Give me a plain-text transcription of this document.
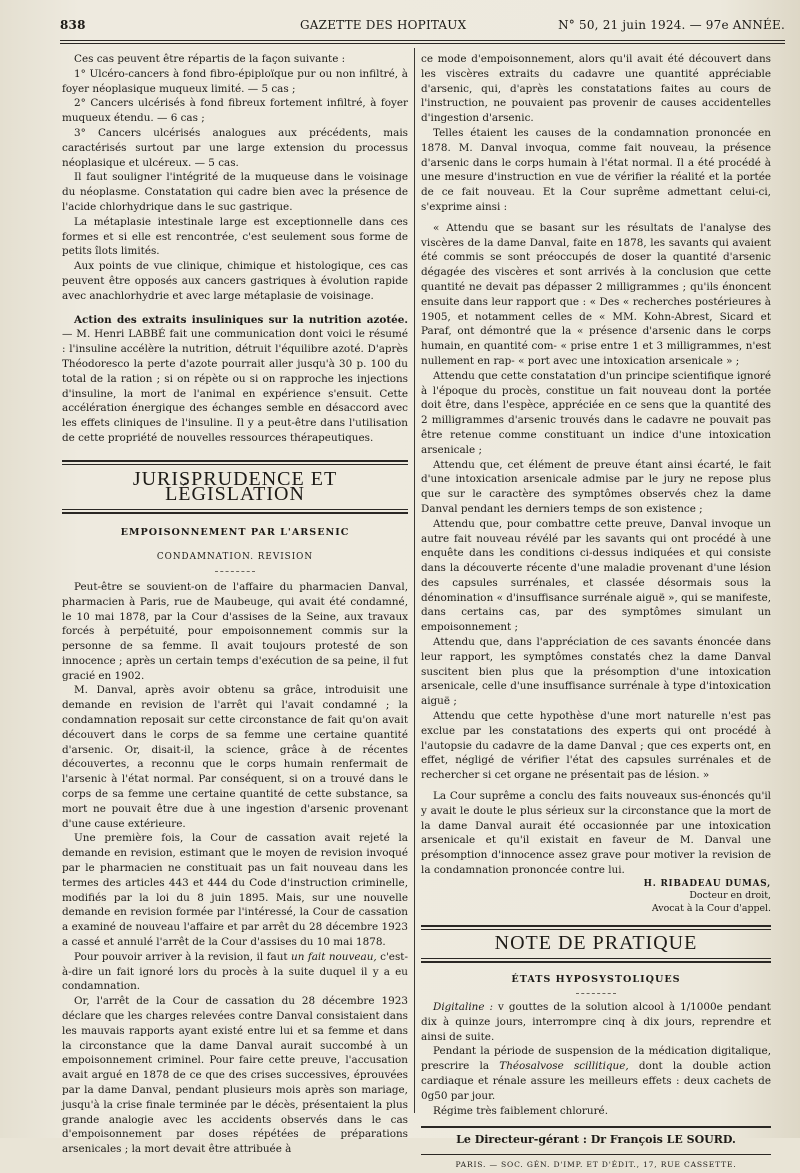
838	GAZETTE DES HOPITAUX	N° 50, 21 juin 1924. — 97e ANNÉE.

Ces cas peuvent être répartis de la façon suivante :

1° Ulcéro-cancers à fond fibro-épiploïque pur ou non infiltré, à foyer néoplasique muqueux limité. — 5 cas ;

2° Cancers ulcérisés à fond fibreux fortement infiltré, à foyer muqueux étendu. — 6 cas ;

3° Cancers ulcérisés analogues aux précédents, mais caractérisés surtout par une large extension du processus néoplasique et ulcéreux. — 5 cas.

Il faut souligner l'intégrité de la muqueuse dans le voisinage du néoplasme. Constatation qui cadre bien avec la présence de l'acide chlorhydrique dans le suc gastrique.

La métaplasie intestinale large est exceptionnelle dans ces formes et si elle est rencontrée, c'est seulement sous forme de petits îlots limités.

Aux points de vue clinique, chimique et histologique, ces cas peuvent être opposés aux cancers gastriques à évolution rapide avec anachlorhydrie et avec large métaplasie de voisinage.

Action des extraits insuliniques sur la nutrition azotée. — M. Henri LABBÉ fait une communication dont voici le résumé : l'insuline accélère la nutrition, détruit l'équilibre azoté. D'après Théodoresco la perte d'azote pourrait aller jusqu'à 30 p. 100 du total de la ration ; si on répète ou si on rapproche les injections d'insuline, la mort de l'animal en expérience s'ensuit. Cette accélération énergique des échanges semble en désaccord avec les effets cliniques de l'insuline. Il y a peut-être dans l'utilisation de cette propriété de nouvelles ressources thérapeutiques.

JURISPRUDENCE ET LÉGISLATION
EMPOISONNEMENT PAR L'ARSENIC
CONDAMNATION. REVISION

Peut-être se souvient-on de l'affaire du pharmacien Danval, pharmacien à Paris, rue de Maubeuge, qui avait été condamné, le 10 mai 1878, par la Cour d'assises de la Seine, aux travaux forcés à perpétuité, pour empoisonnement commis sur la personne de sa femme. Il avait toujours protesté de son innocence ; après un certain temps d'exécution de sa peine, il fut gracié en 1902.

M. Danval, après avoir obtenu sa grâce, introduisit une demande en revision de l'arrêt qui l'avait condamné ; la condamnation reposait sur cette circonstance de fait qu'on avait découvert dans le corps de sa femme une certaine quantité d'arsenic. Or, disait-il, la science, grâce à de récentes découvertes, a reconnu que le corps humain renfermait de l'arsenic à l'état normal. Par conséquent, si on a trouvé dans le corps de sa femme une certaine quantité de cette substance, sa mort ne pouvait être due à une ingestion d'arsenic provenant d'une cause extérieure.

Une première fois, la Cour de cassation avait rejeté la demande en revision, estimant que le moyen de revision invoqué par le pharmacien ne constituait pas un fait nouveau dans les termes des articles 443 et 444 du Code d'instruction criminelle, modifiés par la loi du 8 juin 1895. Mais, sur une nouvelle demande en revision formée par l'intéressé, la Cour de cassation a examiné de nouveau l'affaire et par arrêt du 28 décembre 1923 a cassé et annulé l'arrêt de la Cour d'assises du 10 mai 1878.

Pour pouvoir arriver à la revision, il faut un fait nouveau, c'est-à-dire un fait ignoré lors du procès à la suite duquel il y a eu condamnation.

Or, l'arrêt de la Cour de cassation du 28 décembre 1923 déclare que les charges relevées contre Danval consistaient dans les mauvais rapports ayant existé entre lui et sa femme et dans la circonstance que la dame Danval aurait succombé à un empoisonnement criminel. Pour faire cette preuve, l'accusation avait argué en 1878 de ce que des crises successives, éprouvées par la dame Danval, pendant plusieurs mois après son mariage, jusqu'à la crise finale terminée par le décès, présentaient la plus grande analogie avec les accidents observés dans le cas d'empoisonnement par doses répétées de préparations arsenicales ; la mort devait être attribuée à

ce mode d'empoisonnement, alors qu'il avait été découvert dans les viscères extraits du cadavre une quantité appréciable d'arsenic, qui, d'après les constatations faites au cours de l'instruction, ne pouvaient pas provenir de causes accidentelles d'ingestion d'arsenic.

Telles étaient les causes de la condamnation prononcée en 1878. M. Danval invoqua, comme fait nouveau, la présence d'arsenic dans le corps humain à l'état normal. Il a été procédé à une mesure d'instruction en vue de vérifier la réalité et la portée de ce fait nouveau. Et la Cour suprême admettant celui-ci, s'exprime ainsi :

« Attendu que se basant sur les résultats de l'analyse des viscères de la dame Danval, faite en 1878, les savants qui avaient été commis se sont préoccupés de doser la quantité d'arsenic dégagée des viscères et sont arrivés à la conclusion que cette quantité ne devait pas dépasser 2 milligrammes ; qu'ils énoncent ensuite dans leur rapport que : « Des « recherches postérieures à 1905, et notamment celles de « MM. Kohn-Abrest, Sicard et Paraf, ont démontré que la « présence d'arsenic dans le corps humain, en quantité com- « prise entre 1 et 3 milligrammes, n'est nullement en rap- « port avec une intoxication arsenicale » ;

Attendu que cette constatation d'un principe scientifique ignoré à l'époque du procès, constitue un fait nouveau dont la portée doit être, dans l'espèce, appréciée en ce sens que la quantité des 2 milligrammes d'arsenic trouvés dans le cadavre ne pouvait pas être retenue comme constituant un indice d'une intoxication arsenicale ;

Attendu que, cet élément de preuve étant ainsi écarté, le fait d'une intoxication arsenicale admise par le jury ne repose plus que sur le caractère des symptômes observés chez la dame Danval pendant les derniers temps de son existence ;

Attendu que, pour combattre cette preuve, Danval invoque un autre fait nouveau révélé par les savants qui ont procédé à une enquête dans les conditions ci-dessus indiquées et qui consiste dans la découverte récente d'une maladie provenant d'une lésion des capsules surrénales, et classée désormais sous la dénomination « d'insuffisance surrénale aiguë », qui se manifeste, dans certains cas, par des symptômes simulant un empoisonnement ;

Attendu que, dans l'appréciation de ces savants énoncée dans leur rapport, les symptômes constatés chez la dame Danval suscitent bien plus que la présomption d'une intoxication arsenicale, celle d'une insuffisance surrénale à type d'intoxication aiguë ;

Attendu que cette hypothèse d'une mort naturelle n'est pas exclue par les constatations des experts qui ont procédé à l'autopsie du cadavre de la dame Danval ; que ces experts ont, en effet, négligé de vérifier l'état des capsules surrénales et de rechercher si cet organe ne présentait pas de lésion. »

La Cour suprême a conclu des faits nouveaux sus-énoncés qu'il y avait le doute le plus sérieux sur la circonstance que la mort de la dame Danval aurait été occasionnée par une intoxication arsenicale et qu'il existait en faveur de M. Danval une présomption d'innocence assez grave pour motiver la revision de la condamnation prononcée contre lui.

H. RIBADEAU DUMAS,
Docteur en droit,
Avocat à la Cour d'appel.
NOTE DE PRATIQUE
ÉTATS HYPOSYSTOLIQUES

Digitaline : v gouttes de la solution alcool à 1/1000e pendant dix à quinze jours, interrompre cinq à dix jours, reprendre et ainsi de suite.

Pendant la période de suspension de la médication digitalique, prescrire la Théosalvose scillitique, dont la double action cardiaque et rénale assure les meilleurs effets : deux cachets de 0g50 par jour.

Régime très faiblement chloruré.

Le Directeur-gérant : Dr François LE SOURD.
PARIS. — SOC. GÉN. D'IMP. ET D'ÉDIT., 17, RUE CASSETTE.
